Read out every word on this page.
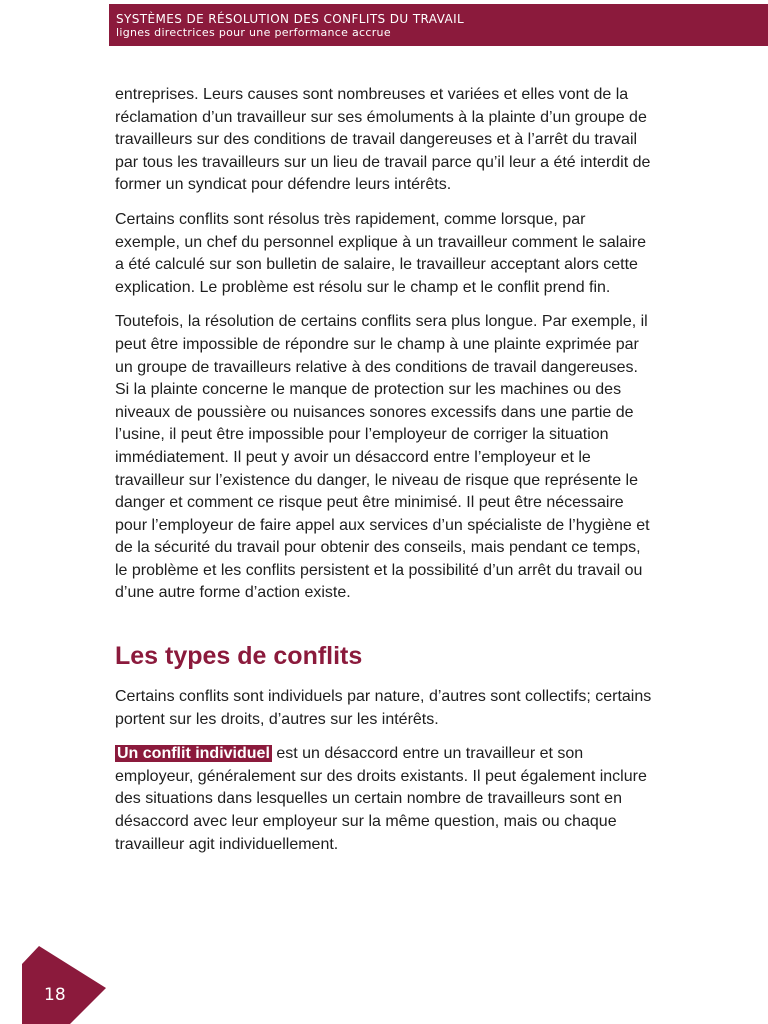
SYSTÈMES DE RÉSOLUTION DES CONFLITS DU TRAVAIL
lignes directrices pour une performance accrue

entreprises. Leurs causes sont nombreuses et variées et elles vont de la réclamation d’un travailleur sur ses émoluments à la plainte d’un groupe de travailleurs sur des conditions de travail dangereuses et à l’arrêt du travail par tous les travailleurs sur un lieu de travail parce qu’il leur a été interdit de former un syndicat pour défendre leurs intérêts.

Certains conflits sont résolus très rapidement, comme lorsque, par exemple, un chef du personnel explique à un travailleur comment le salaire a été calculé sur son bulletin de salaire, le travailleur acceptant alors cette explication. Le problème est résolu sur le champ et le conflit prend fin.

Toutefois, la résolution de certains conflits sera plus longue. Par exemple, il peut être impossible de répondre sur le champ à une plainte exprimée par un groupe de travailleurs relative à des conditions de travail dangereuses. Si la plainte concerne le manque de protection sur les machines ou des niveaux de poussière ou nuisances sonores excessifs dans une partie de l’usine, il peut être impossible pour l’employeur de corriger la situation immédiatement. Il peut y avoir un désaccord entre l’employeur et le travailleur sur l’existence du danger, le niveau de risque que représente le danger et comment ce risque peut être minimisé. Il peut être nécessaire pour l’employeur de faire appel aux services d’un spécialiste de l’hygiène et de la sécurité du travail pour obtenir des conseils, mais pendant ce temps, le problème et les conflits persistent et la possibilité d’un arrêt du travail ou d’une autre forme d’action existe.

Les types de conflits

Certains conflits sont individuels par nature, d’autres sont collectifs; certains portent sur les droits, d’autres sur les intérêts.

Un conflit individuel est un désaccord entre un travailleur et son employeur, généralement sur des droits existants. Il peut également inclure des situations dans lesquelles un certain nombre de travailleurs sont en désaccord avec leur employeur sur la même question, mais ou chaque travailleur agit individuellement.

18
